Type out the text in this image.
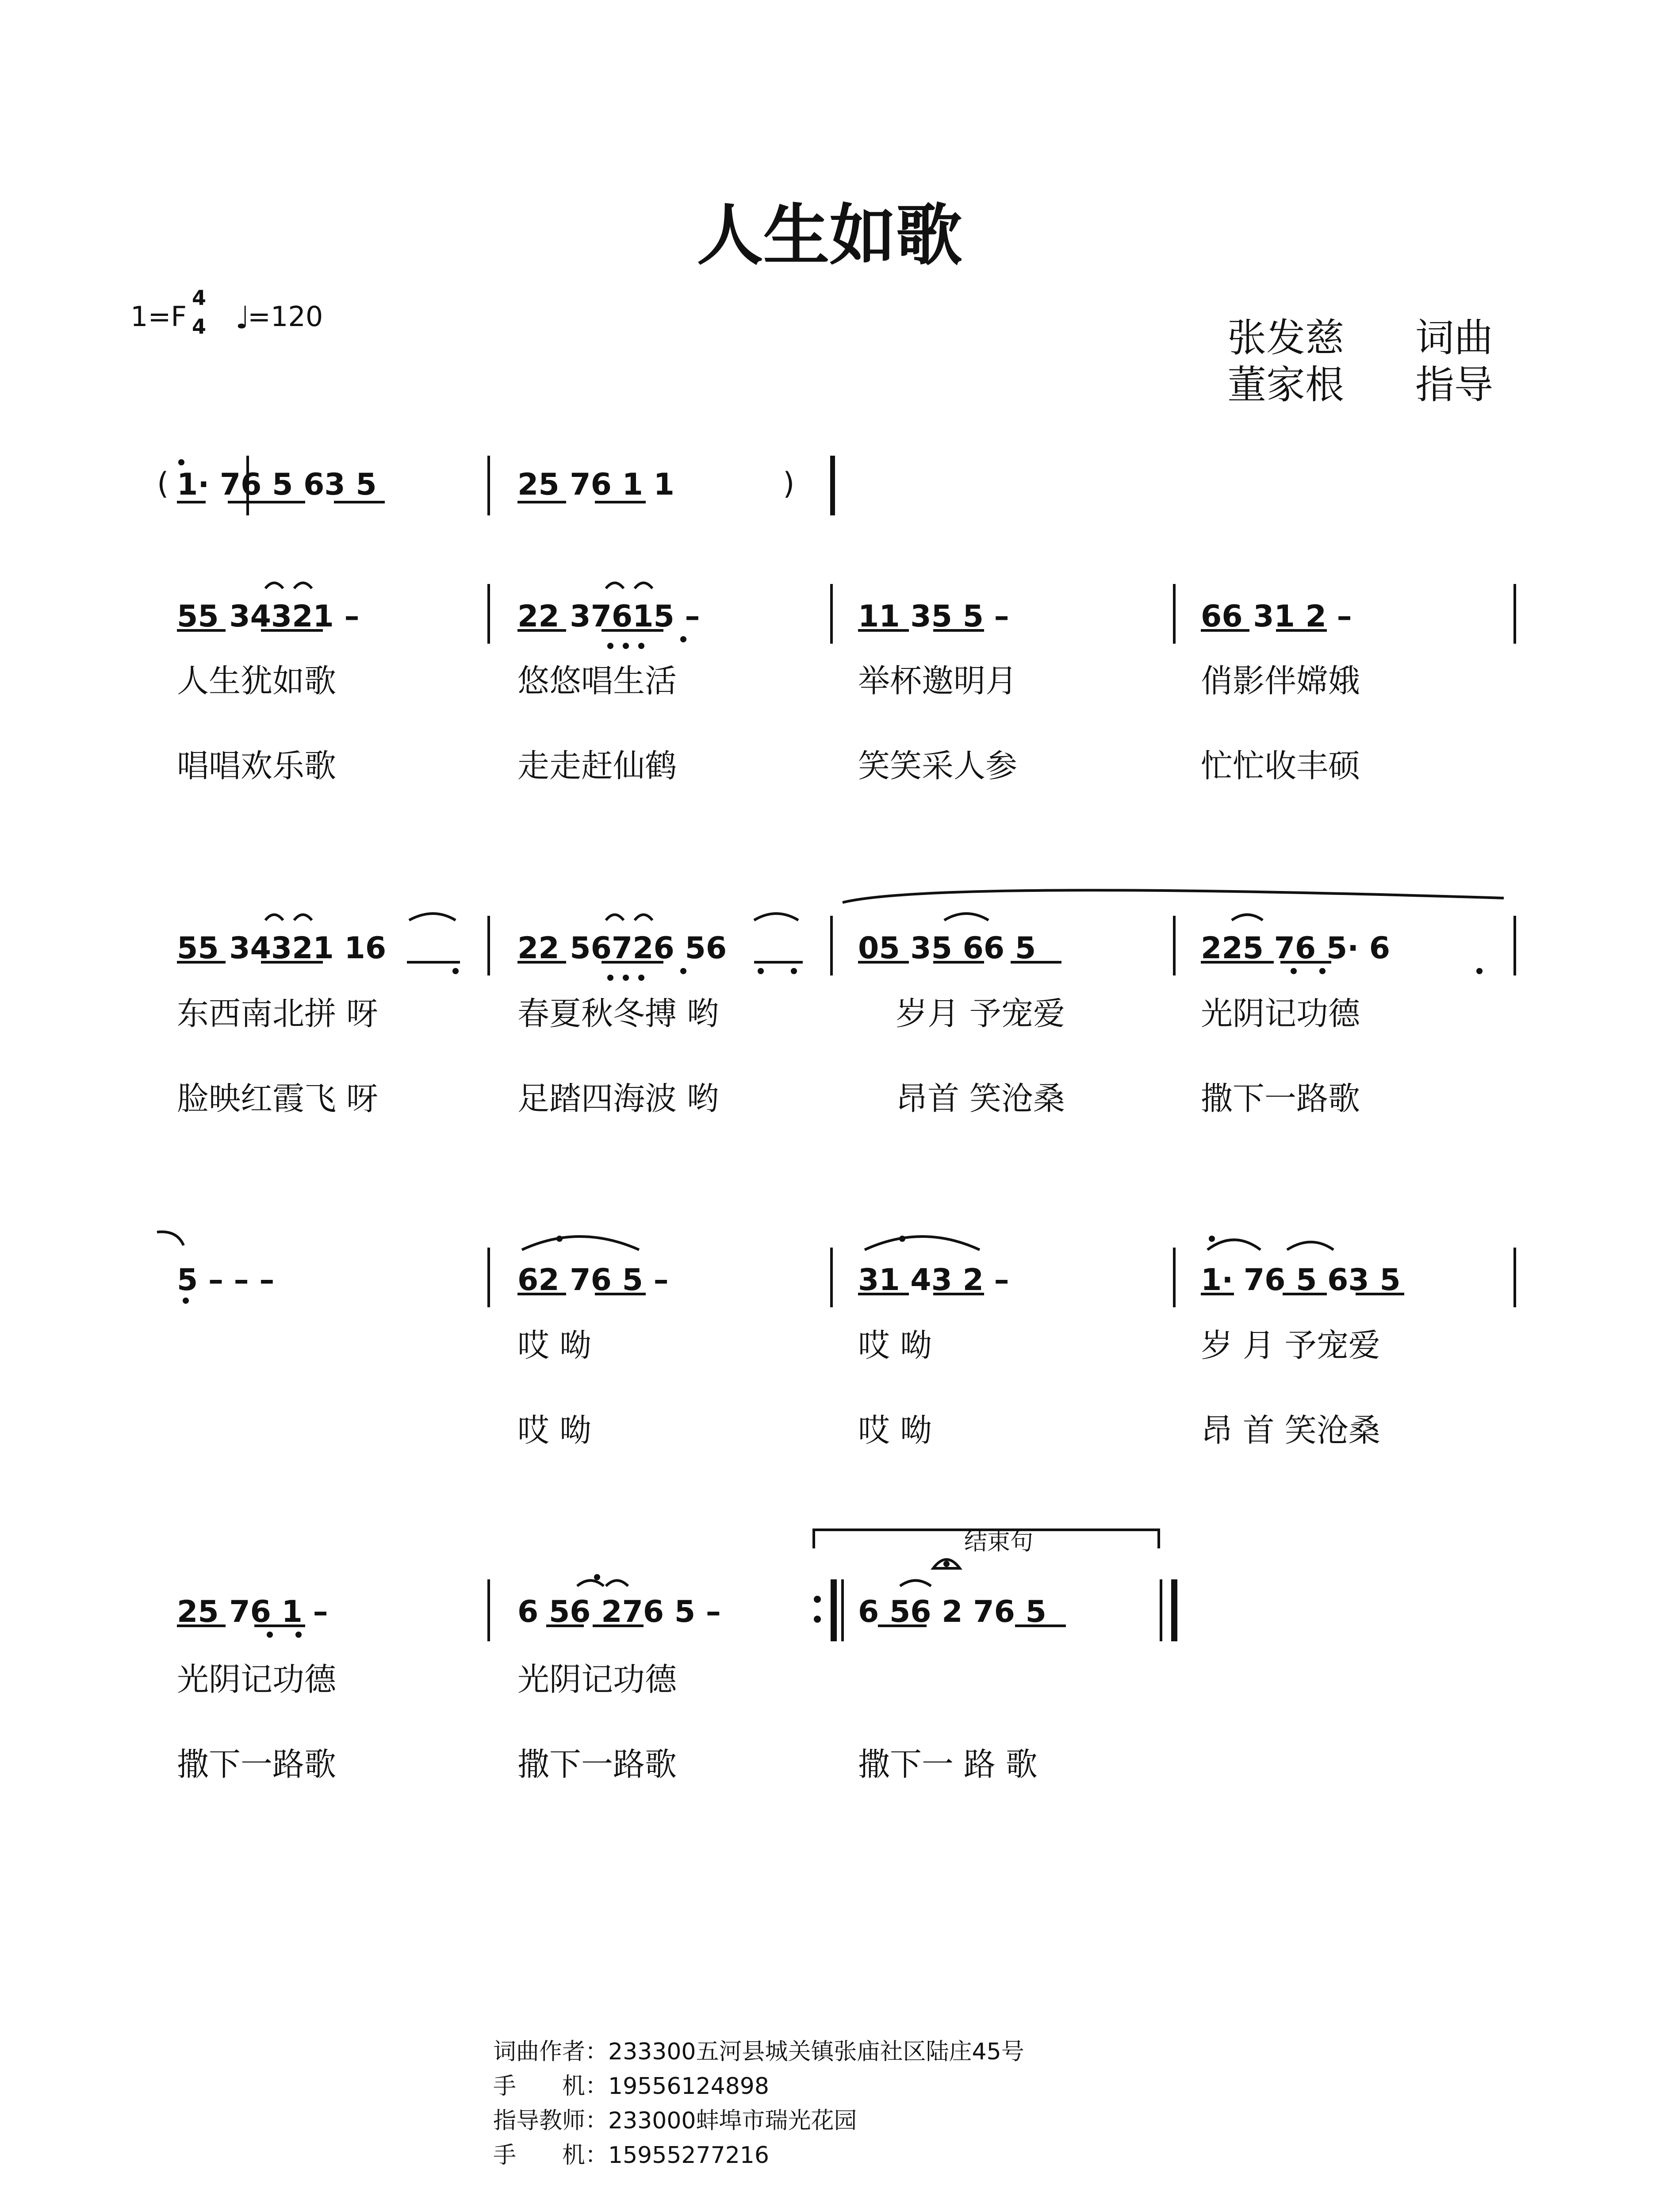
人生如歌
1=F
4
4 ♩
=120	张发慈 词曲
董家根 指导
( 1· 76 5 63 5	25 76 1 1	)
55 34321 –	22 37615 –	11 35 5 –	66 31 2 –
人生犹如歌	悠悠唱生活	举杯邀明月	俏影伴嫦娥
唱唱欢乐歌	走走赶仙鹤	笑笑采人参	忙忙收丰硕
55 34321 16	22 56726 56	05 35 66 5	225 76 5· 6
东西南北拼 呀	春夏秋冬搏 哟	岁月 予宠爱	光阴记功德
脸映红霞飞 呀	足踏四海波 哟	昂首 笑沧桑	撒下一路歌
5 – – –	62 76 5 –	31 43 2 –	1· 76 5 63 5
哎 呦	哎 呦	岁 月 予宠爱
哎 呦	哎 呦	昂 首 笑沧桑
25 76 1 –	6 56 276 5 –	6 56 2 76 5
结束句
光阴记功德	光阴记功德
撒下一路歌	撒下一路歌	撒下一 路 歌
词曲作者：233300五河县城关镇张庙社区陆庄45号
手　　机：19556124898
指导教师：233000蚌埠市瑞光花园
手　　机：15955277216
